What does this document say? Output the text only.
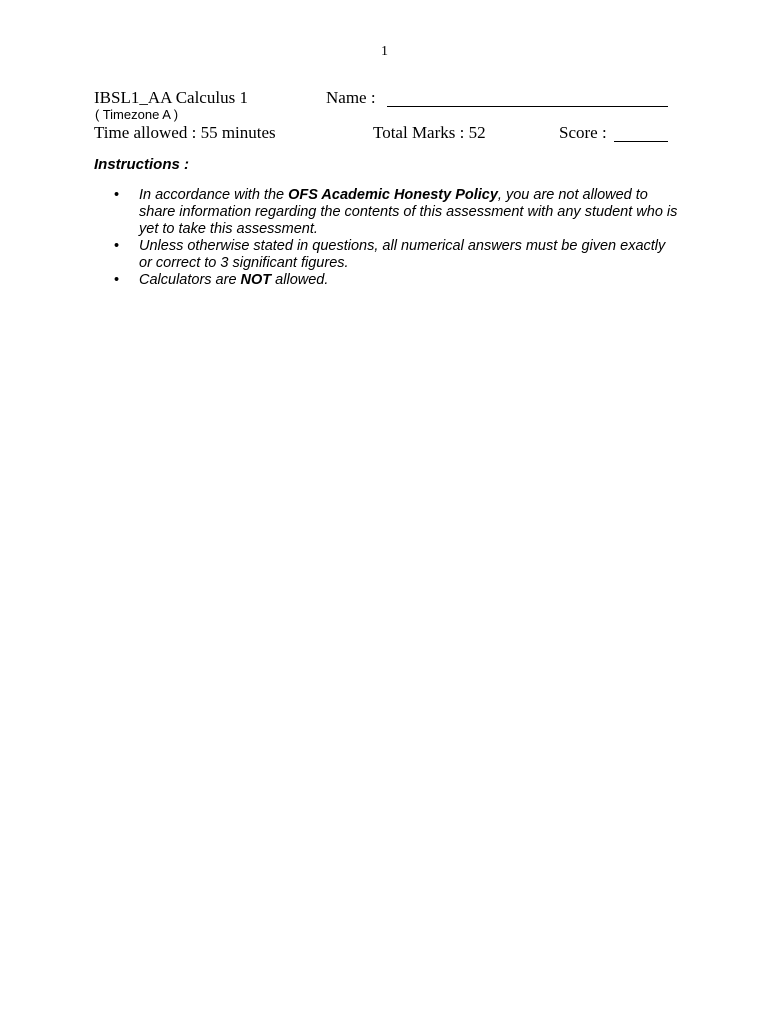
1
IBSL1_AA Calculus 1	Name :
( Timezone A )
Time allowed : 55 minutes	Total Marks : 52	Score :
Instructions :
• In accordance with the OFS Academic Honesty Policy, you are not allowed to share information regarding the contents of this assessment with any student who is yet to take this assessment.
• Unless otherwise stated in questions, all numerical answers must be given exactly or correct to 3 significant figures.
• Calculators are NOT allowed.
